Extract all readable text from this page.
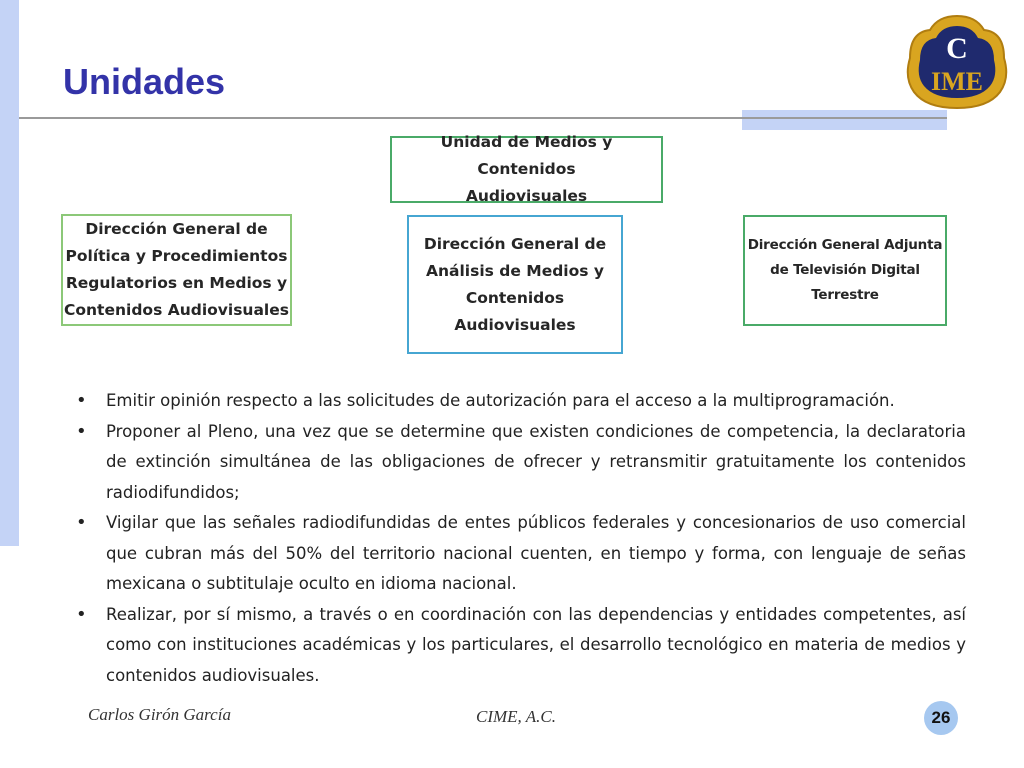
Unidades
C
IME
Unidad de Medios y Contenidos
Audiovisuales
Dirección General de
Política y Procedimientos
Regulatorios en Medios y
Contenidos Audiovisuales
Dirección General de
Análisis de Medios y
Contenidos
Audiovisuales
Dirección General Adjunta
de Televisión Digital
Terrestre
• Emitir opinión respecto a las solicitudes de autorización para el acceso a la multiprogramación.
• Proponer al Pleno, una vez que se determine que existen condiciones de competencia, la declaratoria de extinción simultánea de las obligaciones de ofrecer y retransmitir gratuitamente los contenidos radiodifundidos;
• Vigilar que las señales radiodifundidas de entes públicos federales y concesionarios de uso comercial que cubran más del 50% del territorio nacional cuenten, en tiempo y forma, con lenguaje de señas mexicana o subtitulaje oculto en idioma nacional.
• Realizar, por sí mismo, a través o en coordinación con las dependencias y entidades competentes, así como con instituciones académicas y los particulares, el desarrollo tecnológico en materia de medios y contenidos audiovisuales.
Carlos Girón García	CIME, A.C.	26
